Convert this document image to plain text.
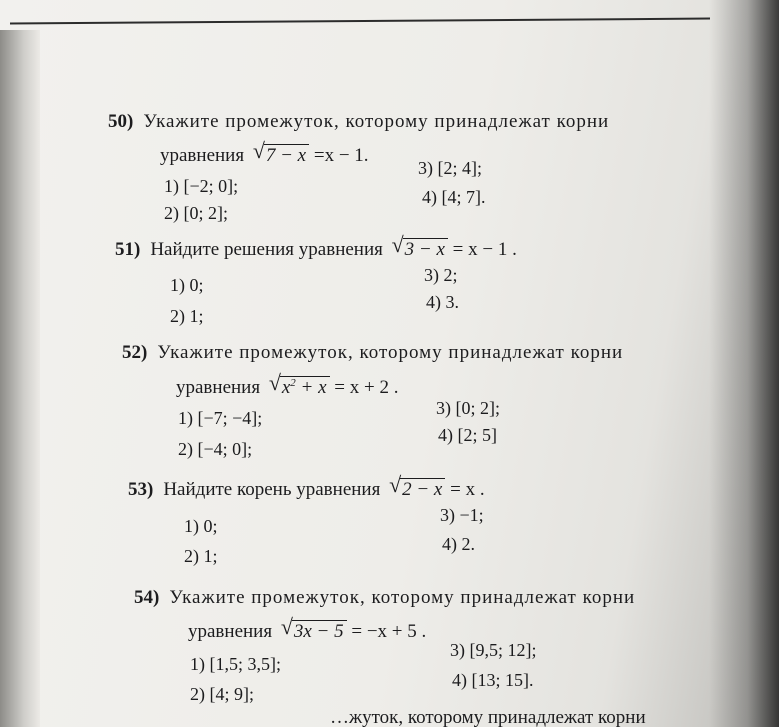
50) Укажите промежуток, которому принадлежат корни
уравнения √ 7 − x =x − 1.
1) [−2; 0];
2) [0; 2];
3) [2; 4];
4) [4; 7].
51) Найдите решения уравнения √ 3 − x = x − 1 .
1) 0;
2) 1;
3) 2;
4) 3.
52) Укажите промежуток, которому принадлежат корни
уравнения √ $x^2 + x = x + 2$ .
1) [−7; −4];
2) [−4; 0];
3) [0; 2];
4) [2; 5]
53) Найдите корень уравнения √ 2 − x = x .
1) 0;
2) 1;
3) −1;
4) 2.
54) Укажите промежуток, которому принадлежат корни
уравнения √ 3x − 5 = −x + 5 .
1) [1,5; 3,5];
2) [4; 9];
3) [9,5; 12];
4) [13; 15].
…жуток, которому принадлежат корни
